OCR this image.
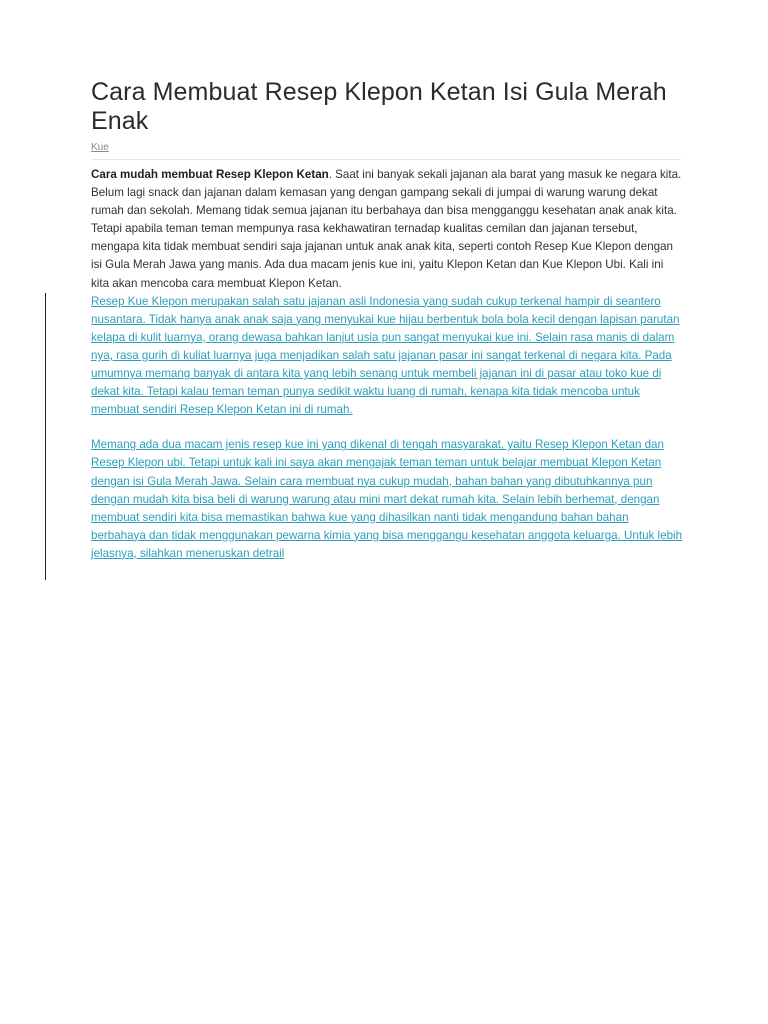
Cara Membuat Resep Klepon Ketan Isi Gula Merah Enak
Kue

Cara mudah membuat Resep Klepon Ketan. Saat ini banyak sekali jajanan ala barat yang masuk ke negara kita. Belum lagi snack dan jajanan dalam kemasan yang dengan gampang sekali di jumpai di warung warung dekat rumah dan sekolah. Memang tidak semua jajanan itu berbahaya dan bisa mengganggu kesehatan anak anak kita. Tetapi apabila teman teman mempunya rasa kekhawatiran ternadap kualitas cemilan dan jajanan tersebut, mengapa kita tidak membuat sendiri saja jajanan untuk anak anak kita, seperti contoh Resep Kue Klepon dengan isi Gula Merah Jawa yang manis. Ada dua macam jenis kue ini, yaitu Klepon Ketan dan Kue Klepon Ubi. Kali ini kita akan mencoba cara membuat Klepon Ketan.

Resep Kue Klepon merupakan salah satu jajanan asli Indonesia yang sudah cukup terkenal hampir di seantero nusantara. Tidak hanya anak anak saja yang menyukai kue hijau berbentuk bola bola kecil dengan lapisan parutan kelapa di kulit luarnya, orang dewasa bahkan lanjut usia pun sangat menyukai kue ini. Selain rasa manis di dalam nya, rasa gurih di kuliat luarnya juga menjadikan salah satu jajanan pasar ini sangat terkenal di negara kita. Pada umumnya memang banyak di antara kita yang lebih senang untuk membeli jajanan ini di pasar atau toko kue di dekat kita. Tetapi kalau teman teman punya sedikit waktu luang di rumah, kenapa kita tidak mencoba untuk membuat sendiri Resep Klepon Ketan ini di rumah.

Memang ada dua macam jenis resep kue ini yang dikenal di tengah masyarakat, yaitu Resep Klepon Ketan dan Resep Klepon ubi. Tetapi untuk kali ini saya akan mengajak teman teman untuk belajar membuat Klepon Ketan dengan isi Gula Merah Jawa. Selain cara membuat nya cukup mudah, bahan bahan yang dibutuhkannya pun dengan mudah kita bisa beli di warung warung atau mini mart dekat rumah kita. Selain lebih berhemat, dengan membuat sendiri kita bisa memastikan bahwa kue yang dihasilkan nanti tidak mengandung bahan bahan berbahaya dan tidak menggunakan pewarna kimia yang bisa menggangu kesehatan anggota keluarga. Untuk lebih jelasnya, silahkan meneruskan detrail
